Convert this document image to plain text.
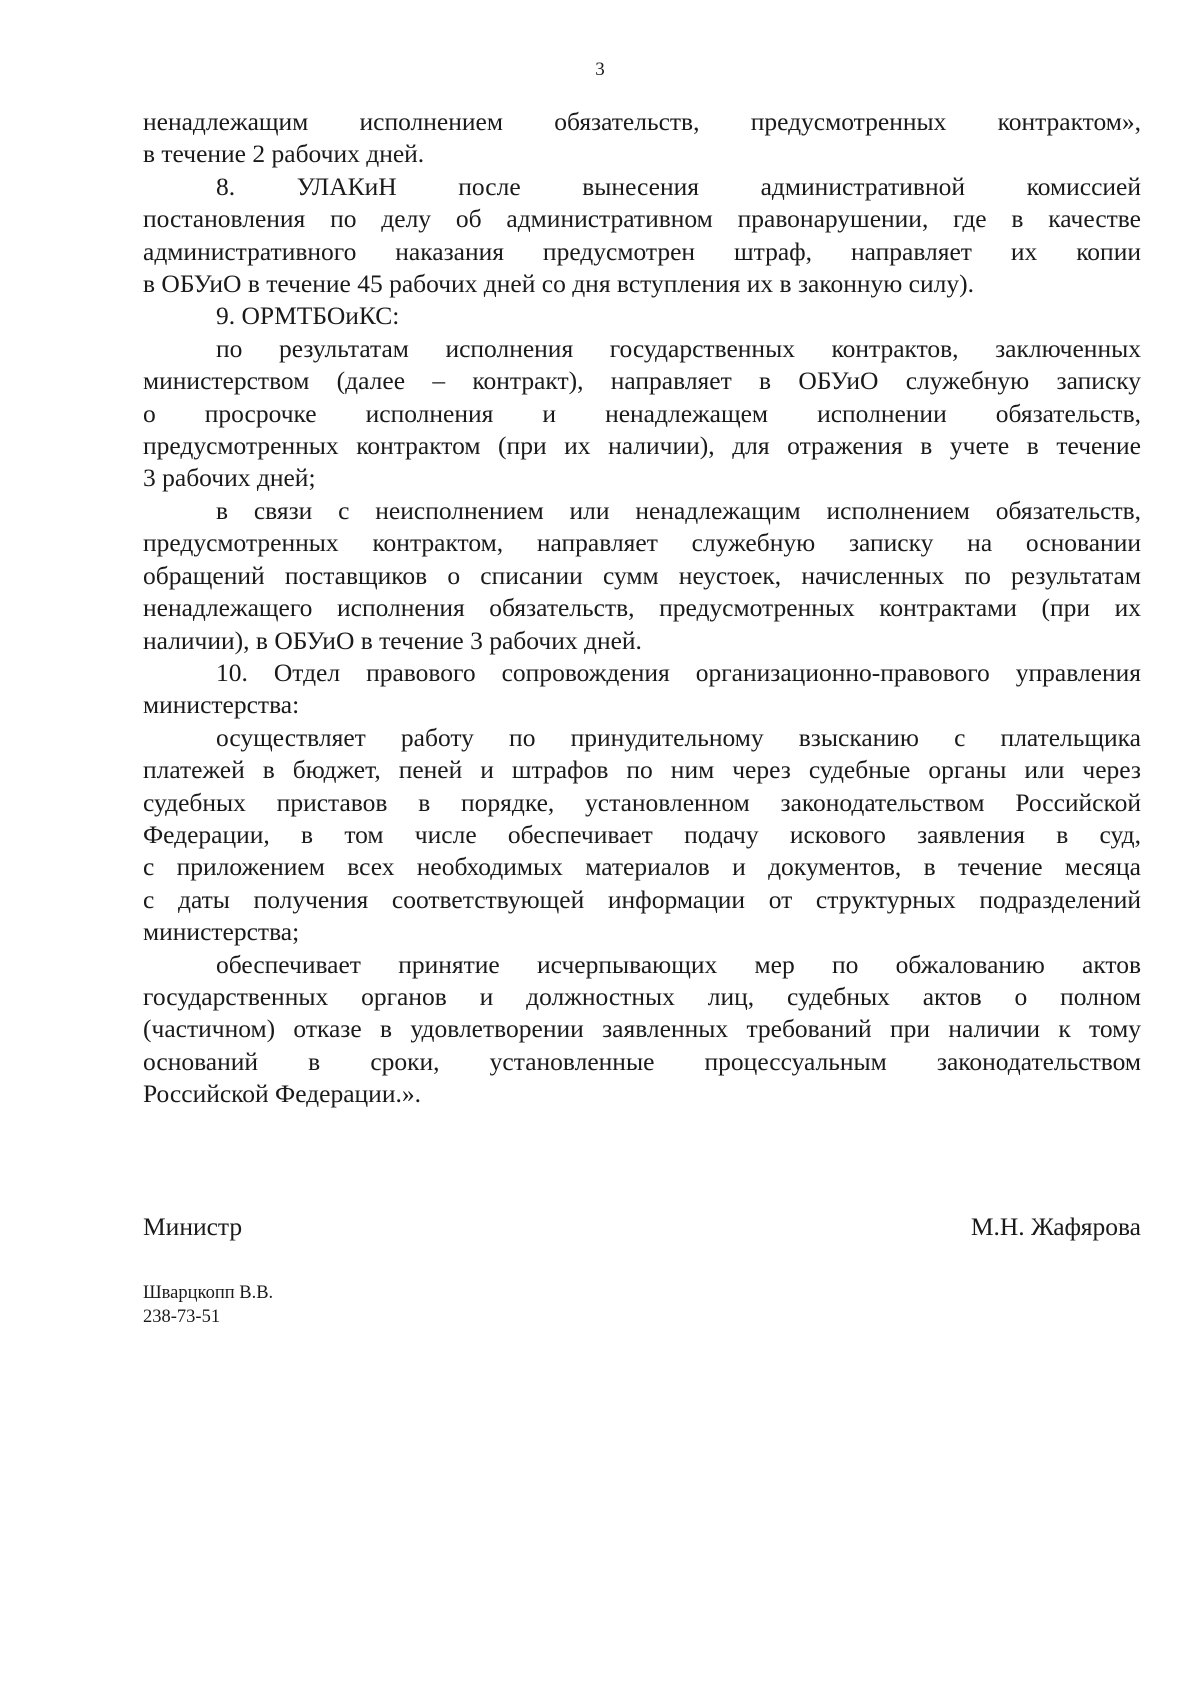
3
ненадлежащим исполнением обязательств, предусмотренных контрактом»,
в течение 2 рабочих дней.
8. УЛАКиН после вынесения административной комиссией
постановления по делу об административном правонарушении, где в качестве
административного наказания предусмотрен штраф, направляет их копии
в ОБУиО в течение 45 рабочих дней со дня вступления их в законную силу).
9. ОРМТБОиКС:
по результатам исполнения государственных контрактов, заключенных
министерством (далее – контракт), направляет в ОБУиО служебную записку
о просрочке исполнения и ненадлежащем исполнении обязательств,
предусмотренных контрактом (при их наличии), для отражения в учете в течение
3 рабочих дней;
в связи с неисполнением или ненадлежащим исполнением обязательств,
предусмотренных контрактом, направляет служебную записку на основании
обращений поставщиков о списании сумм неустоек, начисленных по результатам
ненадлежащего исполнения обязательств, предусмотренных контрактами (при их
наличии), в ОБУиО в течение 3 рабочих дней.
10. Отдел правового сопровождения организационно-правового управления
министерства:
осуществляет работу по принудительному взысканию с плательщика
платежей в бюджет, пеней и штрафов по ним через судебные органы или через
судебных приставов в порядке, установленном законодательством Российской
Федерации, в том числе обеспечивает подачу искового заявления в суд,
с приложением всех необходимых материалов и документов, в течение месяца
с даты получения соответствующей информации от структурных подразделений
министерства;
обеспечивает принятие исчерпывающих мер по обжалованию актов
государственных органов и должностных лиц, судебных актов о полном
(частичном) отказе в удовлетворении заявленных требований при наличии к тому
оснований в сроки, установленные процессуальным законодательством
Российской Федерации.».
Министр	М.Н. Жафярова
Шварцкопп В.В.
238-73-51
